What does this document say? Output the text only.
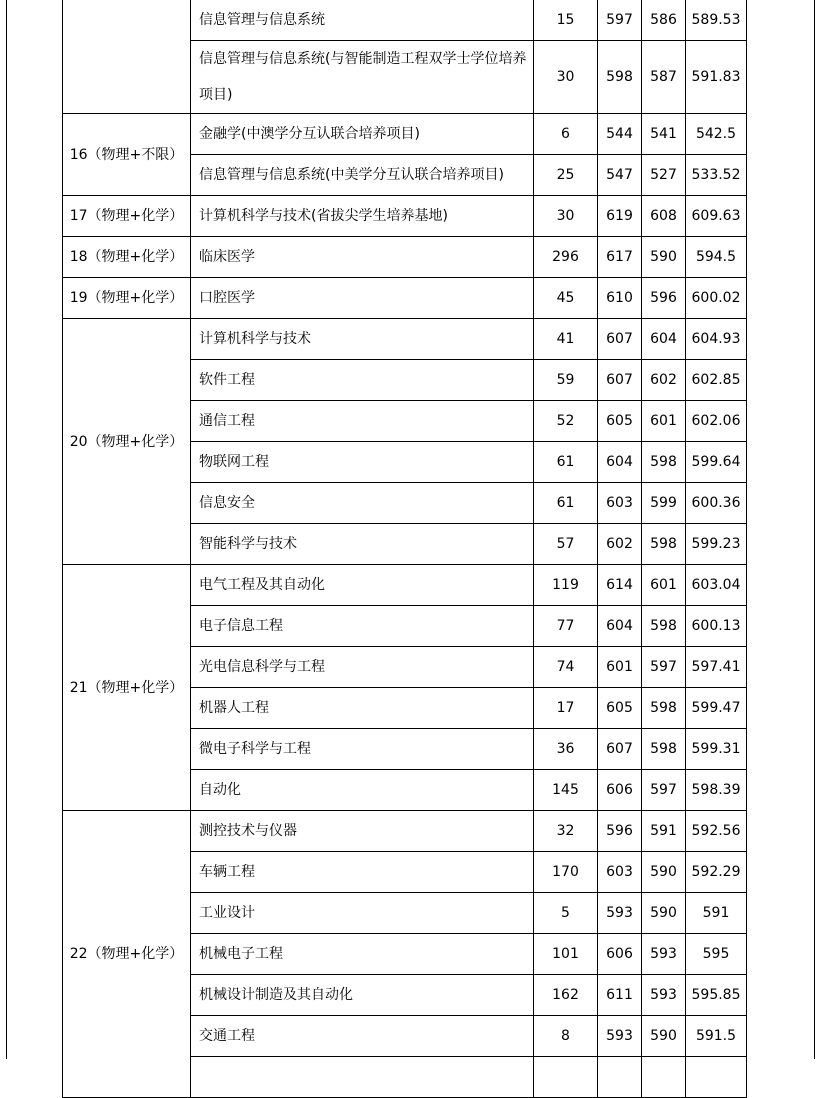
	信息管理与信息系统	15	597	586	589.53
	信息管理与信息系统(与智能制造工程双学士学位培养项目)	30	598	587	591.83
16（物理+不限）	金融学(中澳学分互认联合培养项目)	6	544	541	542.5
	信息管理与信息系统(中美学分互认联合培养项目)	25	547	527	533.52
17（物理+化学）	计算机科学与技术(省拔尖学生培养基地)	30	619	608	609.63
18（物理+化学）	临床医学	296	617	590	594.5
19（物理+化学）	口腔医学	45	610	596	600.02
20（物理+化学）	计算机科学与技术	41	607	604	604.93
	软件工程	59	607	602	602.85
	通信工程	52	605	601	602.06
	物联网工程	61	604	598	599.64
	信息安全	61	603	599	600.36
	智能科学与技术	57	602	598	599.23
21（物理+化学）	电气工程及其自动化	119	614	601	603.04
	电子信息工程	77	604	598	600.13
	光电信息科学与工程	74	601	597	597.41
	机器人工程	17	605	598	599.47
	微电子科学与工程	36	607	598	599.31
	自动化	145	606	597	598.39
22（物理+化学）	测控技术与仪器	32	596	591	592.56
	车辆工程	170	603	590	592.29
	工业设计	5	593	590	591
	机械电子工程	101	606	593	595
	机械设计制造及其自动化	162	611	593	595.85
	交通工程	8	593	590	591.5
